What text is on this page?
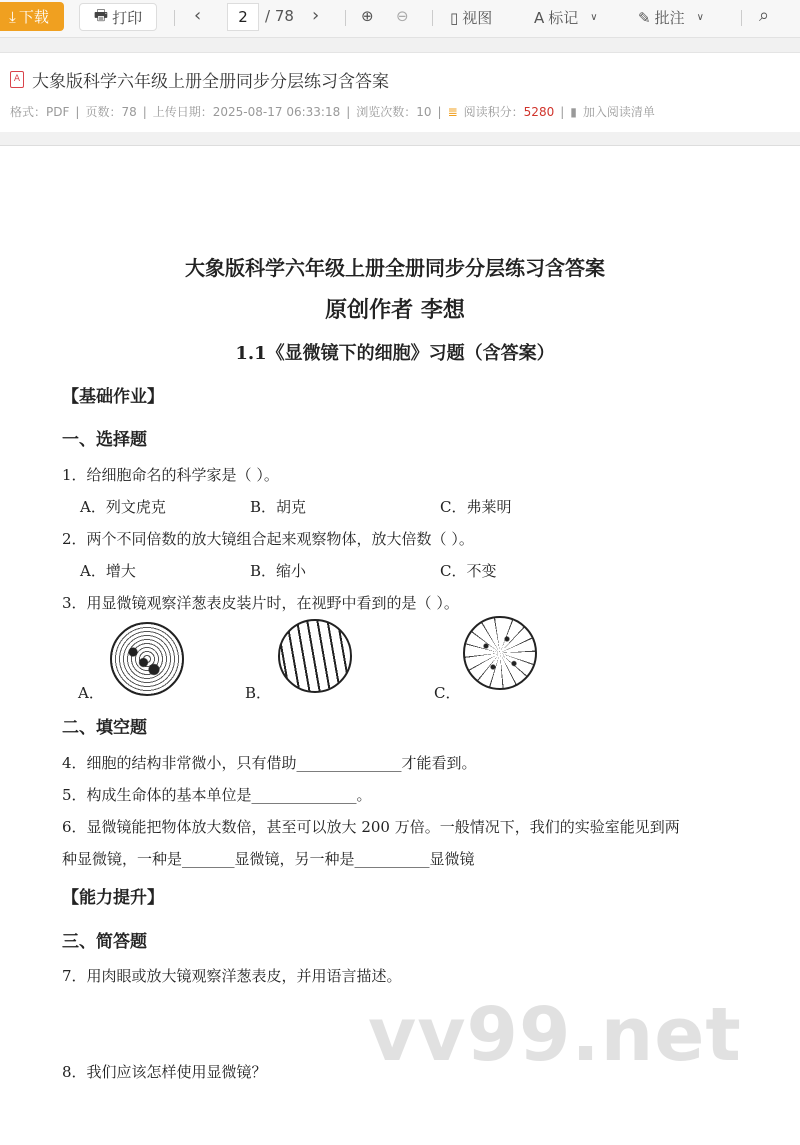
⤓ 下载	🖶 打印	‹	2	/ 78 ›	⊕ ⊖	▯ 视图	A 标记 ∨	✎ 批注 ∨	⌕
A 大象版科学六年级上册全册同步分层练习含答案
格式：PDF | 页数：78 | 上传日期：2025-08-17 06:33:18 | 浏览次数：10 | ≣ 阅读积分： 5280 | ▮ 加入阅读清单
大象版科学六年级上册全册同步分层练习含答案
原创作者 李想
1.1《显微镜下的细胞》习题（含答案）
【基础作业】
一、选择题
1．给细胞命名的科学家是（ ）。
A．列文虎克	B．胡克	C．弗莱明
2．两个不同倍数的放大镜组合起来观察物体，放大倍数（ ）。
A．增大	B．缩小	C．不变
3．用显微镜观察洋葱表皮装片时，在视野中看到的是（ ）。
A．	B．	C．
二、填空题
4．细胞的结构非常微小，只有借助______________才能看到。
5．构成生命体的基本单位是______________。
6．显微镜能把物体放大数倍，甚至可以放大 200 万倍。一般情况下，我们的实验室能见到两
种显微镜，一种是_______显微镜，另一种是__________显微镜
【能力提升】
三、简答题
7．用肉眼或放大镜观察洋葱表皮，并用语言描述。
8．我们应该怎样使用显微镜？ vv99.net
